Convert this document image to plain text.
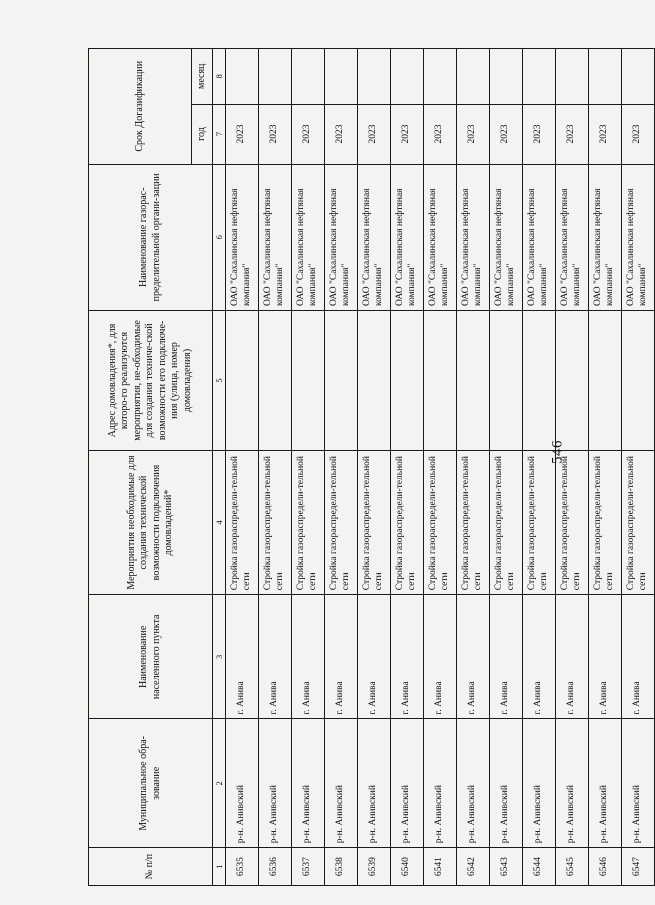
546
№ п/п	Муниципальное обра-зование	Наименование населенного пункта	Мероприятия необходимые для создания технической возможности подключения домовладений*	Адрес домовладения*, для которо-го реализуются мероприятия, не-обходимые для создания техниче-ской возможности его подключе-ния (улица, номер домовладения)	Наименование газорас-пределительной органи-зации	Срок Догазификации	
						год	месяц
1	2	3	4	5	6	7	8
6535	р-н. Анивский	г. Анива	Стройка газораспредели-тельной сети		ОАО "Сахалинская нефтяная компания"	2023	
6536	р-н. Анивский	г. Анива	Стройка газораспредели-тельной сети		ОАО "Сахалинская нефтяная компания"	2023	
6537	р-н. Анивский	г. Анива	Стройка газораспредели-тельной сети		ОАО "Сахалинская нефтяная компания"	2023	
6538	р-н. Анивский	г. Анива	Стройка газораспредели-тельной сети		ОАО "Сахалинская нефтяная компания"	2023	
6539	р-н. Анивский	г. Анива	Стройка газораспредели-тельной сети		ОАО "Сахалинская нефтяная компания"	2023	
6540	р-н. Анивский	г. Анива	Стройка газораспредели-тельной сети		ОАО "Сахалинская нефтяная компания"	2023	
6541	р-н. Анивский	г. Анива	Стройка газораспредели-тельной сети		ОАО "Сахалинская нефтяная компания"	2023	
6542	р-н. Анивский	г. Анива	Стройка газораспредели-тельной сети		ОАО "Сахалинская нефтяная компания"	2023	
6543	р-н. Анивский	г. Анива	Стройка газораспредели-тельной сети		ОАО "Сахалинская нефтяная компания"	2023	
6544	р-н. Анивский	г. Анива	Стройка газораспредели-тельной сети		ОАО "Сахалинская нефтяная компания"	2023	
6545	р-н. Анивский	г. Анива	Стройка газораспредели-тельной сети		ОАО "Сахалинская нефтяная компания"	2023	
6546	р-н. Анивский	г. Анива	Стройка газораспредели-тельной сети		ОАО "Сахалинская нефтяная компания"	2023	
6547	р-н. Анивский	г. Анива	Стройка газораспредели-тельной сети		ОАО "Сахалинская нефтяная компания"	2023	
